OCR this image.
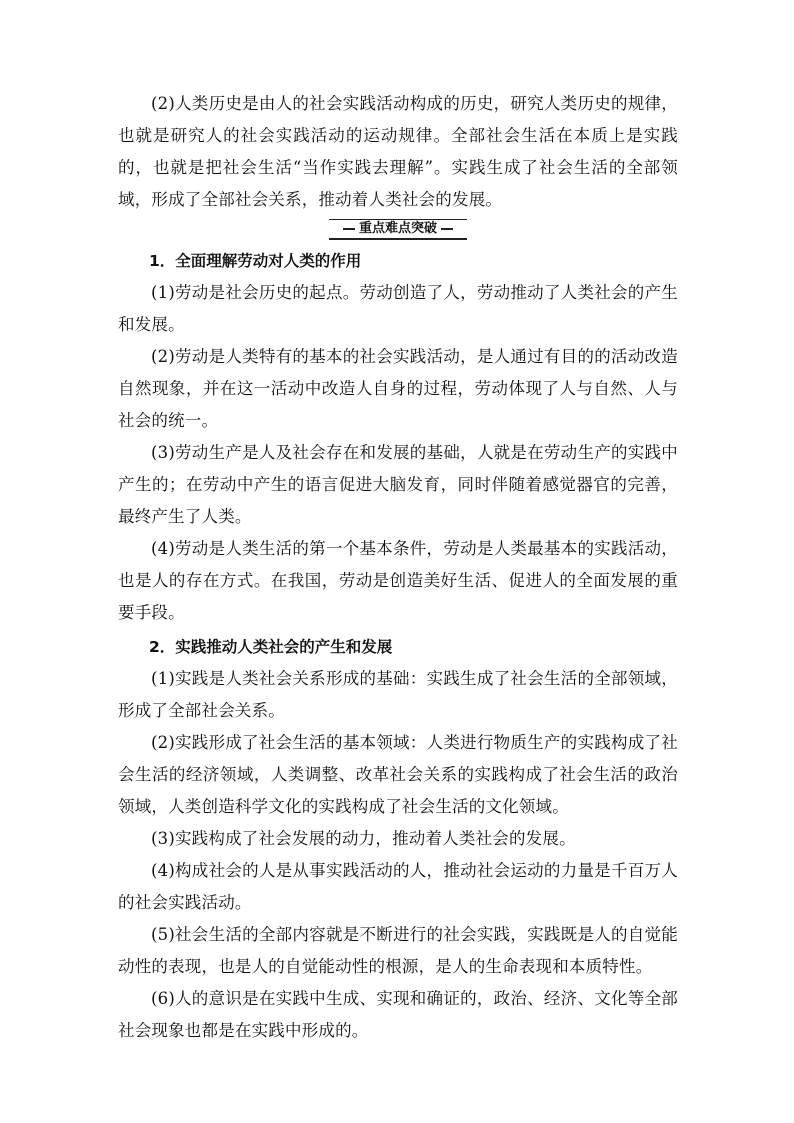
(2)人类历史是由人的社会实践活动构成的历史，研究人类历史的规律，也就是研究人的社会实践活动的运动规律。全部社会生活在本质上是实践的，也就是把社会生活“当作实践去理解”。实践生成了社会生活的全部领域，形成了全部社会关系，推动着人类社会的发展。

重点难点突破

1．全面理解劳动对人类的作用

(1)劳动是社会历史的起点。劳动创造了人，劳动推动了人类社会的产生和发展。

(2)劳动是人类特有的基本的社会实践活动，是人通过有目的的活动改造自然现象，并在这一活动中改造人自身的过程，劳动体现了人与自然、人与社会的统一。

(3)劳动生产是人及社会存在和发展的基础，人就是在劳动生产的实践中产生的；在劳动中产生的语言促进大脑发育，同时伴随着感觉器官的完善，最终产生了人类。

(4)劳动是人类生活的第一个基本条件，劳动是人类最基本的实践活动，也是人的存在方式。在我国，劳动是创造美好生活、促进人的全面发展的重要手段。

2．实践推动人类社会的产生和发展

(1)实践是人类社会关系形成的基础：实践生成了社会生活的全部领域，形成了全部社会关系。

(2)实践形成了社会生活的基本领域：人类进行物质生产的实践构成了社会生活的经济领域，人类调整、改革社会关系的实践构成了社会生活的政治领域，人类创造科学文化的实践构成了社会生活的文化领域。

(3)实践构成了社会发展的动力，推动着人类社会的发展。

(4)构成社会的人是从事实践活动的人，推动社会运动的力量是千百万人的社会实践活动。

(5)社会生活的全部内容就是不断进行的社会实践，实践既是人的自觉能动性的表现，也是人的自觉能动性的根源，是人的生命表现和本质特性。

(6)人的意识是在实践中生成、实现和确证的，政治、经济、文化等全部社会现象也都是在实践中形成的。
